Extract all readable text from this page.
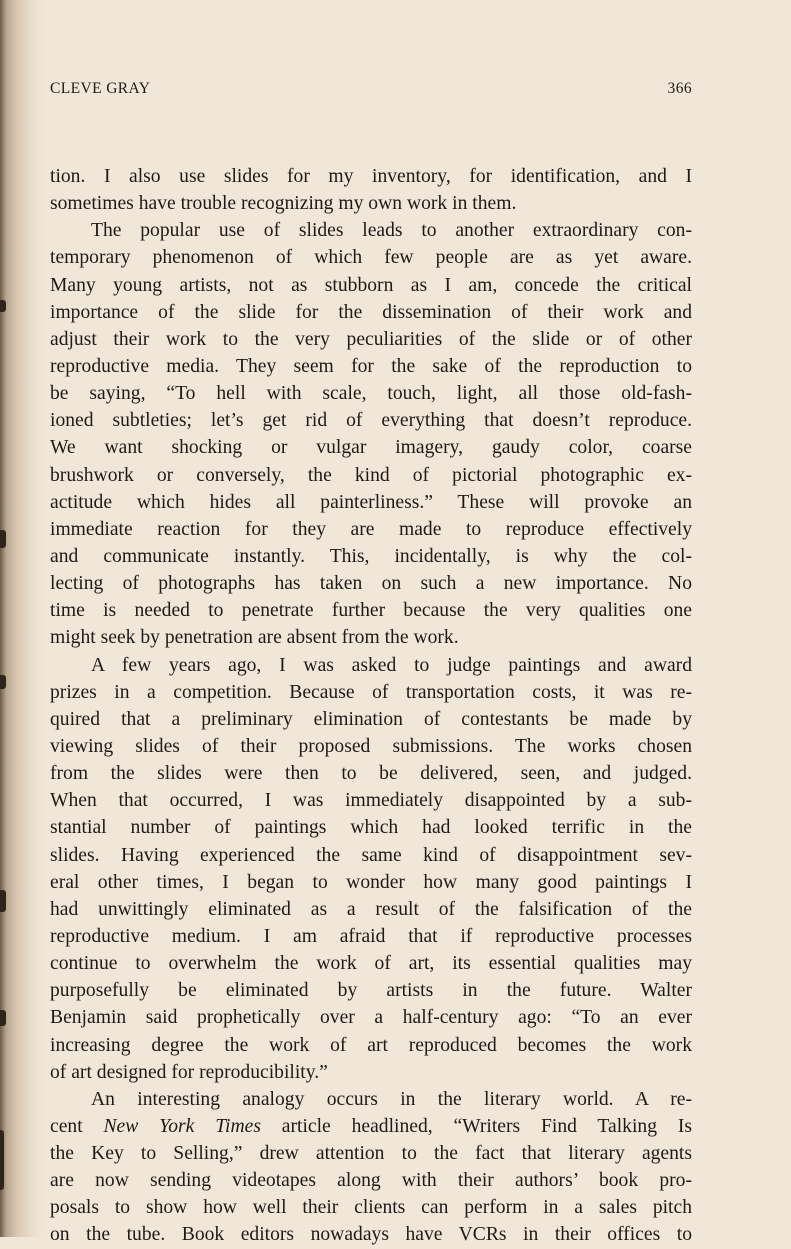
CLEVE GRAY	366
tion. I also use slides for my inventory, for identification, and I
sometimes have trouble recognizing my own work in them.
The popular use of slides leads to another extraordinary con-
temporary phenomenon of which few people are as yet aware.
Many young artists, not as stubborn as I am, concede the critical
importance of the slide for the dissemination of their work and
adjust their work to the very peculiarities of the slide or of other
reproductive media. They seem for the sake of the reproduction to
be saying, “To hell with scale, touch, light, all those old-fash-
ioned subtleties; let’s get rid of everything that doesn’t reproduce.
We want shocking or vulgar imagery, gaudy color, coarse
brushwork or conversely, the kind of pictorial photographic ex-
actitude which hides all painterliness.” These will provoke an
immediate reaction for they are made to reproduce effectively
and communicate instantly. This, incidentally, is why the col-
lecting of photographs has taken on such a new importance. No
time is needed to penetrate further because the very qualities one
might seek by penetration are absent from the work.
A few years ago, I was asked to judge paintings and award
prizes in a competition. Because of transportation costs, it was re-
quired that a preliminary elimination of contestants be made by
viewing slides of their proposed submissions. The works chosen
from the slides were then to be delivered, seen, and judged.
When that occurred, I was immediately disappointed by a sub-
stantial number of paintings which had looked terrific in the
slides. Having experienced the same kind of disappointment sev-
eral other times, I began to wonder how many good paintings I
had unwittingly eliminated as a result of the falsification of the
reproductive medium. I am afraid that if reproductive processes
continue to overwhelm the work of art, its essential qualities may
purposefully be eliminated by artists in the future. Walter
Benjamin said prophetically over a half-century ago: “To an ever
increasing degree the work of art reproduced becomes the work
of art designed for reproducibility.”
An interesting analogy occurs in the literary world. A re-
cent New York Times article headlined, “Writers Find Talking Is
the Key to Selling,” drew attention to the fact that literary agents
are now sending videotapes along with their authors’ book pro-
posals to show how well their clients can perform in a sales pitch
on the tube. Book editors nowadays have VCRs in their offices to
